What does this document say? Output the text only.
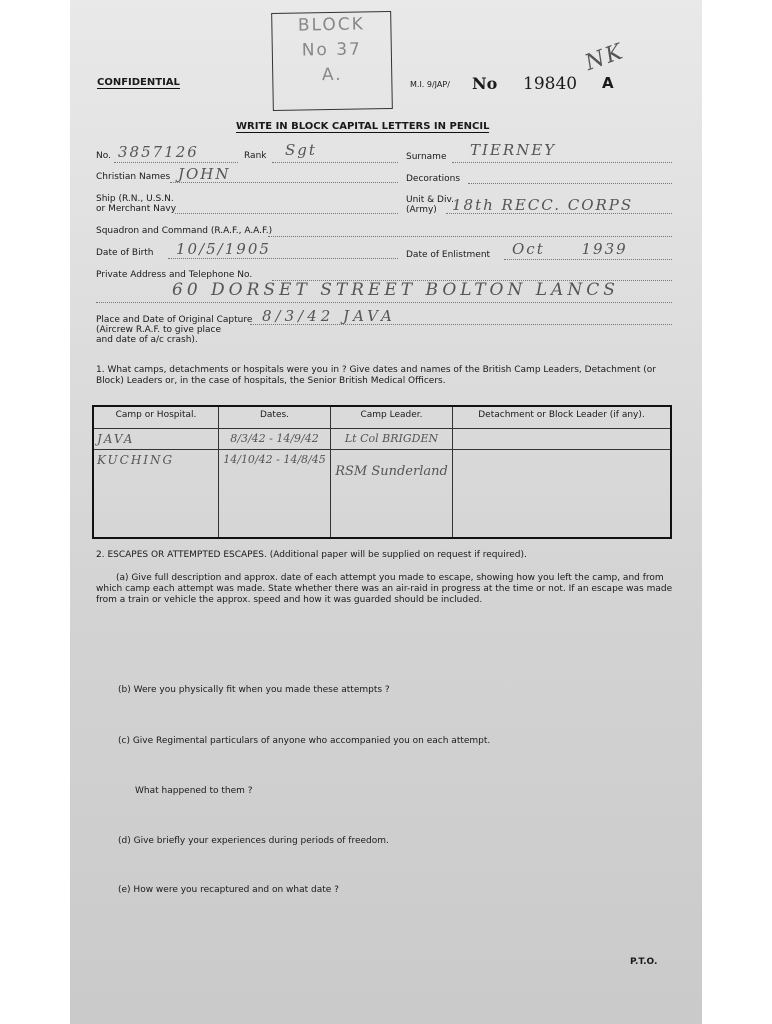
BLOCK
No 37
A.
CONFIDENTIAL	M.I. 9/JAP/ No 19840
NK
A
WRITE IN BLOCK CAPITAL LETTERS IN PENCIL
No. 3857126	Rank Sgt	Surname TIERNEY
Christian Names JOHN	Decorations
Ship (R.N., U.S.N.
or Merchant Navy
Unit & Div.
(Army)	18th RECC. CORPS
Squadron and Command (R.A.F., A.A.F.)
Date of Birth 10/5/1905	Date of Enlistment Oct 1939
Private Address and Telephone No.
60 DORSET STREET BOLTON LANCS
Place and Date of Original Capture
(Aircrew R.A.F. to give place
and date of a/c crash).
8/3/42 JAVA
1. What camps, detachments or hospitals were you in ? Give dates and names of the British Camp Leaders, Detachment (or Block) Leaders or, in the case of hospitals, the Senior British Medical Officers.
Camp or Hospital.	Dates.	Camp Leader.	Detachment or Block Leader (if any).
JAVA	8/3/42 - 14/9/42	Lt Col BRIGDEN	
KUCHING	14/10/42 - 14/8/45	RSM Sunderland	
2. ESCAPES OR ATTEMPTED ESCAPES. (Additional paper will be supplied on request if required).
(a) Give full description and approx. date of each attempt you made to escape, showing how you left the camp, and from which camp each attempt was made. State whether there was an air-raid in progress at the time or not. If an escape was made from a train or vehicle the approx. speed and how it was guarded should be included.
(b) Were you physically fit when you made these attempts ?
(c) Give Regimental particulars of anyone who accompanied you on each attempt.
What happened to them ?
(d) Give briefly your experiences during periods of freedom.
(e) How were you recaptured and on what date ?
P.T.O.
